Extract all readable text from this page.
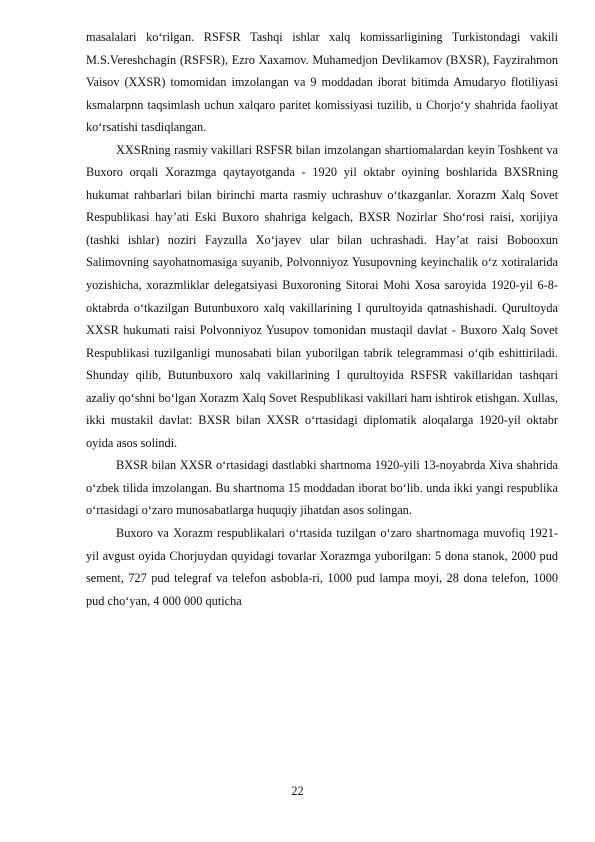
masalalari ko‘rilgan. RSFSR Tashqi ishlar xalq komissarligining Turkistondagi vakili M.S.Vereshchagin (RSFSR), Ezro Xaxamov. Muhamedjon Devlikamov (BXSR), Fayzirahmon Vaisov (XXSR) tomomidan imzolangan va 9 moddadan iborat bitimda Amudaryo flotiliyasi ksmalarpnn taqsimlash uchun xalqaro paritet komissiyasi tuzilib, u Chorjo‘y shahrida faoliyat ko‘rsatishi tasdiqlangan.

XXSRning rasmiy vakillari RSFSR bilan imzolangan shartiomalardan keyin Toshkent va Buxoro orqali Xorazmga qaytayotganda - 1920 yil oktabr oyining boshlarida BXSRning hukumat rahbarlari bilan birinchi marta rasmiy uchrashuv o‘tkazganlar. Xorazm Xalq Sovet Respublikasi hay’ati Eski Buxoro shahriga kelgach, BXSR Nozirlar Sho‘rosi raisi, xorijiya (tashki ishlar) noziri Fayzulla Xo‘jayev ular bilan uchrashadi. Hay’at raisi Bobooxun Salimovning sayohatnomasiga suyanib, Polvonniyoz Yusupovning keyinchalik o‘z xotiralarida yozishicha, xorazmliklar delegatsiyasi Buxoroning Sitorai Mohi Xosa saroyida 1920-yil 6-8-oktabrda o‘tkazilgan Butunbuxoro xalq vakillarining I qurultoyida qatnashishadi. Qurultoyda XXSR hukumati raisi Polvonniyoz Yusupov tomonidan mustaqil davlat - Buxoro Xalq Sovet Respublikasi tuzilganligi munosabati bilan yuborilgan tabrik telegrammasi o‘qib eshittiriladi. Shunday qilib, Butunbuxoro xalq vakillarining I qurultoyida RSFSR vakillaridan tashqari azaliy qo‘shni bo‘lgan Xorazm Xalq Sovet Respublikasi vakillari ham ishtirok etishgan. Xullas, ikki mustakil davlat: BXSR bilan XXSR o‘rtasidagi diplomatik aloqalarga 1920-yil oktabr oyida asos solindi.

BXSR bilan XXSR o‘rtasidagi dastlabki shartnoma 1920-yili 13-noyabrda Xiva shahrida o‘zbek tilida imzolangan. Bu shartnoma 15 moddadan iborat bo‘lib. unda ikki yangi respublika o‘rtasidagi o‘zaro munosabatlarga huquqiy jihatdan asos solingan.

Buxoro va Xorazm respublikalari o‘rtasida tuzilgan o‘zaro shartnomaga muvofiq 1921-yil avgust oyida Chorjuydan quyidagi tovarlar Xorazmga yuborilgan: 5 dona stanok, 2000 pud sement, 727 pud telegraf va telefon asbobla-ri, 1000 pud lampa moyi, 28 dona telefon, 1000 pud cho‘yan, 4 000 000 quticha

22
